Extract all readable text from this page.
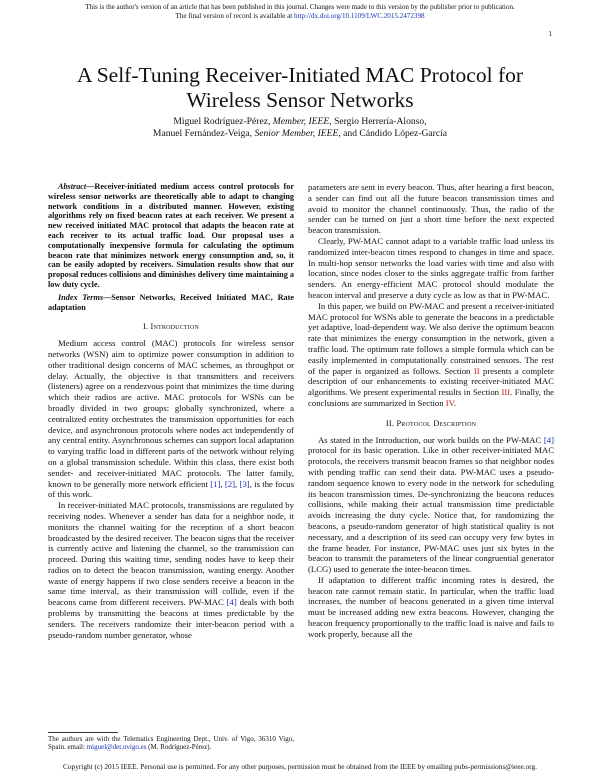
This is the author's version of an article that has been published in this journal. Changes were made to this version by the publisher prior to publication.
The final version of record is available at http://dx.doi.org/10.1109/LWC.2015.2472398
1
A Self-Tuning Receiver-Initiated MAC Protocol for
Wireless Sensor Networks
Miguel Rodríguez-Pérez, Member, IEEE, Sergio Herrería-Alonso,
Manuel Fernández-Veiga, Senior Member, IEEE, and Cándido López-García

Abstract—Receiver-initiated medium access control protocols for wireless sensor networks are theoretically able to adapt to changing network conditions in a distributed manner. However, existing algorithms rely on fixed beacon rates at each receiver. We present a new received initiated MAC protocol that adapts the beacon rate at each receiver to its actual traffic load. Our proposal uses a computationally inexpensive formula for calculating the optimum beacon rate that minimizes network energy consumption and, so, it can be easily adopted by receivers. Simulation results show that our proposal reduces collisions and diminishes delivery time maintaining a low duty cycle.

Index Terms—Sensor Networks, Received Initiated MAC, Rate adaptation

I. Introduction

Medium access control (MAC) protocols for wireless sensor networks (WSN) aim to optimize power consumption in addition to other traditional design concerns of MAC schemes, as throughput or delay. Actually, the objective is that transmitters and receivers (listeners) agree on a rendezvous point that minimizes the time during which their radios are active. MAC protocols for WSNs can be broadly divided in two groups: globally synchronized, where a centralized entity orchestrates the transmission opportunities for each device, and asynchronous protocols where nodes act independently of any central entity. Asynchronous schemes can support local adaptation to varying traffic load in different parts of the network without relying on a global transmission schedule. Within this class, there exist both sender- and receiver-initiated MAC protocols. The latter family, known to be generally more network efficient [1], [2], [3], is the focus of this work.

In receiver-initiated MAC protocols, transmissions are regulated by receiving nodes. Whenever a sender has data for a neighbor node, it monitors the channel waiting for the reception of a short beacon broadcasted by the desired receiver. The beacon signs that the receiver is currently active and listening the channel, so the transmission can proceed. During this waiting time, sending nodes have to keep their radios on to detect the beacon transmission, wasting energy. Another waste of energy happens if two close senders receive a beacon in the same time interval, as their transmission will collide, even if the beacons came from different receivers. PW-MAC [4] deals with both problems by transmitting the beacons at times predictable by the senders. The receivers randomize their inter-beacon period with a pseudo-random number generator, whose

parameters are sent in every beacon. Thus, after hearing a first beacon, a sender can find out all the future beacon transmission times and avoid to monitor the channel continuously. Thus, the radio of the sender can be turned on just a short time before the next expected beacon transmission.

Clearly, PW-MAC cannot adapt to a variable traffic load unless its randomized inter-beacon times respond to changes in time and space. In multi-hop sensor networks the load varies with time and also with location, since nodes closer to the sinks aggregate traffic from farther senders. An energy-efficient MAC protocol should modulate the beacon interval and preserve a duty cycle as low as that in PW-MAC.

In this paper, we build on PW-MAC and present a receiver-initiated MAC protocol for WSNs able to generate the beacons in a predictable yet adaptive, load-dependent way. We also derive the optimum beacon rate that minimizes the energy consumption in the network, given a traffic load. The optimum rate follows a simple formula which can be easily implemented in computationally constrained sensors. The rest of the paper is organized as follows. Section II presents a complete description of our enhancements to existing receiver-initiated MAC algorithms. We present experimental results in Section III. Finally, the conclusions are summarized in Section IV.

II. Protocol Description

As stated in the Introduction, our work builds on the PW-MAC [4] protocol for its basic operation. Like in other receiver-initiated MAC protocols, the receivers transmit beacon frames so that neighbor nodes with pending traffic can send their data. PW-MAC uses a pseudo-random sequence known to every node in the network for scheduling its beacon transmission times. De-synchronizing the beacons reduces collisions, while making their actual transmission time predictable avoids increasing the duty cycle. Notice that, for randomizing the beacons, a pseudo-random generator of high statistical quality is not necessary, and a description of its seed can occupy very few bytes in the frame header. For instance, PW-MAC uses just six bytes in the beacon to transmit the parameters of the linear congruential generator (LCG) used to generate the inter-beacon times.

If adaptation to different traffic incoming rates is desired, the beacon rate cannot remain static. In particular, when the traffic load increases, the number of beacons generated in a given time interval must be increased adding new extra beacons. However, changing the beacon frequency proportionally to the traffic load is naive and fails to work properly, because all the

The authors are with the Telematics Engineering Dept., Univ. of Vigo, 36310 Vigo, Spain. email: miguel@det.uvigo.es (M. Rodríguez-Pérez).
Copyright (c) 2015 IEEE. Personal use is permitted. For any other purposes, permission must be obtained from the IEEE by emailing pubs-permissions@ieee.org.
